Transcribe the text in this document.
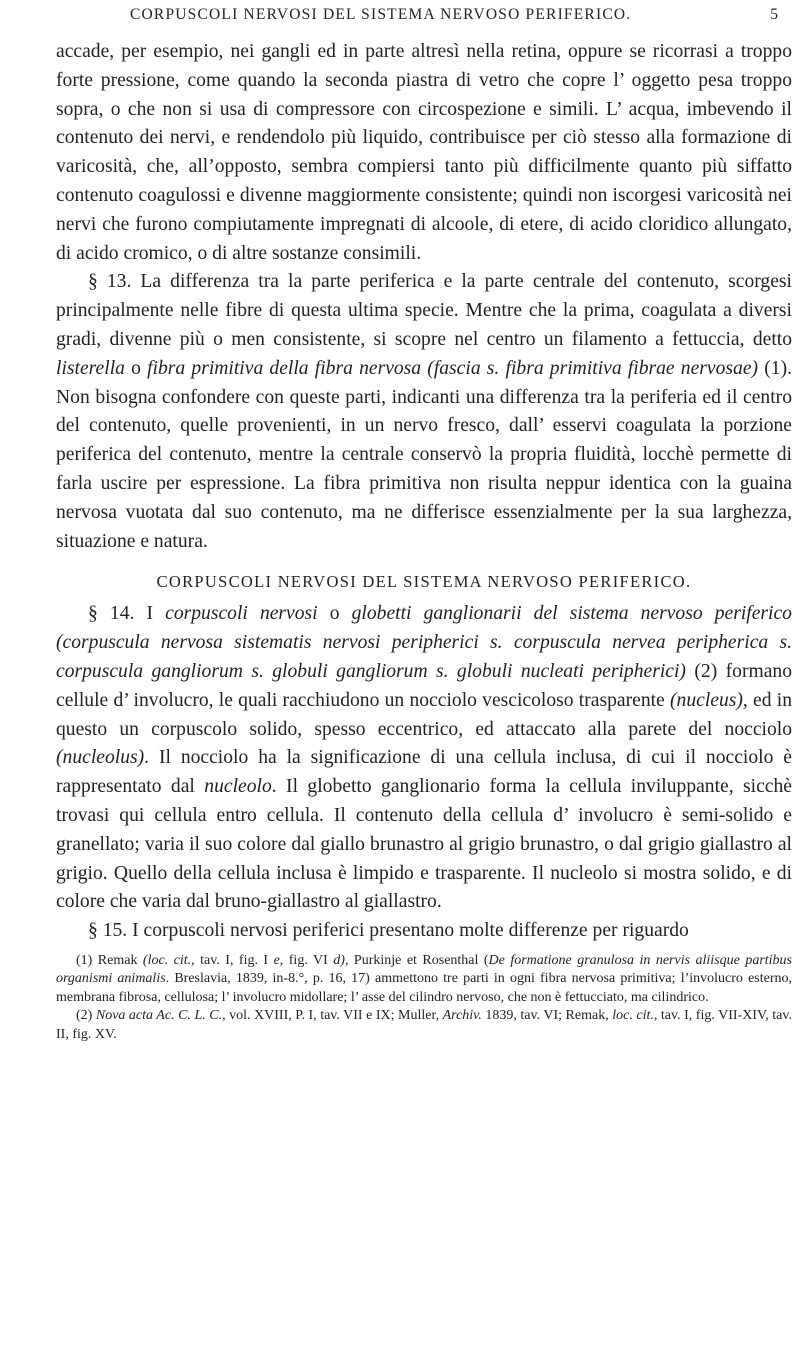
CORPUSCOLI NERVOSI DEL SISTEMA NERVOSO PERIFERICO.	5

accade, per esempio, nei gangli ed in parte altresì nella retina, oppure se ricorrasi a troppo forte pressione, come quando la seconda piastra di vetro che copre l’ oggetto pesa troppo sopra, o che non si usa di compressore con circospezione e simili. L’ acqua, imbevendo il contenuto dei nervi, e rendendolo più liquido, contribuisce per ciò stesso alla formazione di varicosità, che, all’opposto, sembra compiersi tanto più difficilmente quanto più siffatto contenuto coagulossi e divenne maggiormente consistente; quindi non iscorgesi varicosità nei nervi che furono compiutamente impregnati di alcoole, di etere, di acido cloridico allungato, di acido cromico, o di altre sostanze consimili.

§ 13. La differenza tra la parte periferica e la parte centrale del contenuto, scorgesi principalmente nelle fibre di questa ultima specie. Mentre che la prima, coagulata a diversi gradi, divenne più o men consistente, si scopre nel centro un filamento a fettuccia, detto listerella o fibra primitiva della fibra nervosa (fascia s. fibra primitiva fibrae nervosae) (1). Non bisogna confondere con queste parti, indicanti una differenza tra la periferia ed il centro del contenuto, quelle provenienti, in un nervo fresco, dall’ esservi coagulata la porzione periferica del contenuto, mentre la centrale conservò la propria fluidità, locchè permette di farla uscire per espressione. La fibra primitiva non risulta neppur identica con la guaina nervosa vuotata dal suo contenuto, ma ne differisce essenzialmente per la sua larghezza, situazione e natura.

CORPUSCOLI NERVOSI DEL SISTEMA NERVOSO PERIFERICO.

§ 14. I corpuscoli nervosi o globetti ganglionarii del sistema nervoso periferico (corpuscula nervosa sistematis nervosi peripherici s. corpuscula nervea peripherica s. corpuscula gangliorum s. globuli gangliorum s. globuli nucleati peripherici) (2) formano cellule d’ involucro, le quali racchiudono un nocciolo vescicoloso trasparente (nucleus), ed in questo un corpuscolo solido, spesso eccentrico, ed attaccato alla parete del nocciolo (nucleolus). Il nocciolo ha la significazione di una cellula inclusa, di cui il nocciolo è rappresentato dal nucleolo. Il globetto ganglionario forma la cellula inviluppante, sicchè trovasi qui cellula entro cellula. Il contenuto della cellula d’ involucro è semi-solido e granellato; varia il suo colore dal giallo brunastro al grigio brunastro, o dal grigio giallastro al grigio. Quello della cellula inclusa è limpido e trasparente. Il nucleolo si mostra solido, e di colore che varia dal bruno-giallastro al giallastro.

§ 15. I corpuscoli nervosi periferici presentano molte differenze per riguardo

(1) Remak (loc. cit., tav. I, fig. I e, fig. VI d), Purkinje et Rosenthal (De formatione granulosa in nervis aliisque partibus organismi animalis. Breslavia, 1839, in-8.°, p. 16, 17) ammettono tre parti in ogni fibra nervosa primitiva; l’involucro esterno, membrana fibrosa, cellulosa; l’ involucro midollare; l’ asse del cilindro nervoso, che non è fettucciato, ma cilindrico.

(2) Nova acta Ac. C. L. C., vol. XVIII, P. I, tav. VII e IX; Muller, Archiv. 1839, tav. VI; Remak, loc. cit., tav. I, fig. VII-XIV, tav. II, fig. XV.
